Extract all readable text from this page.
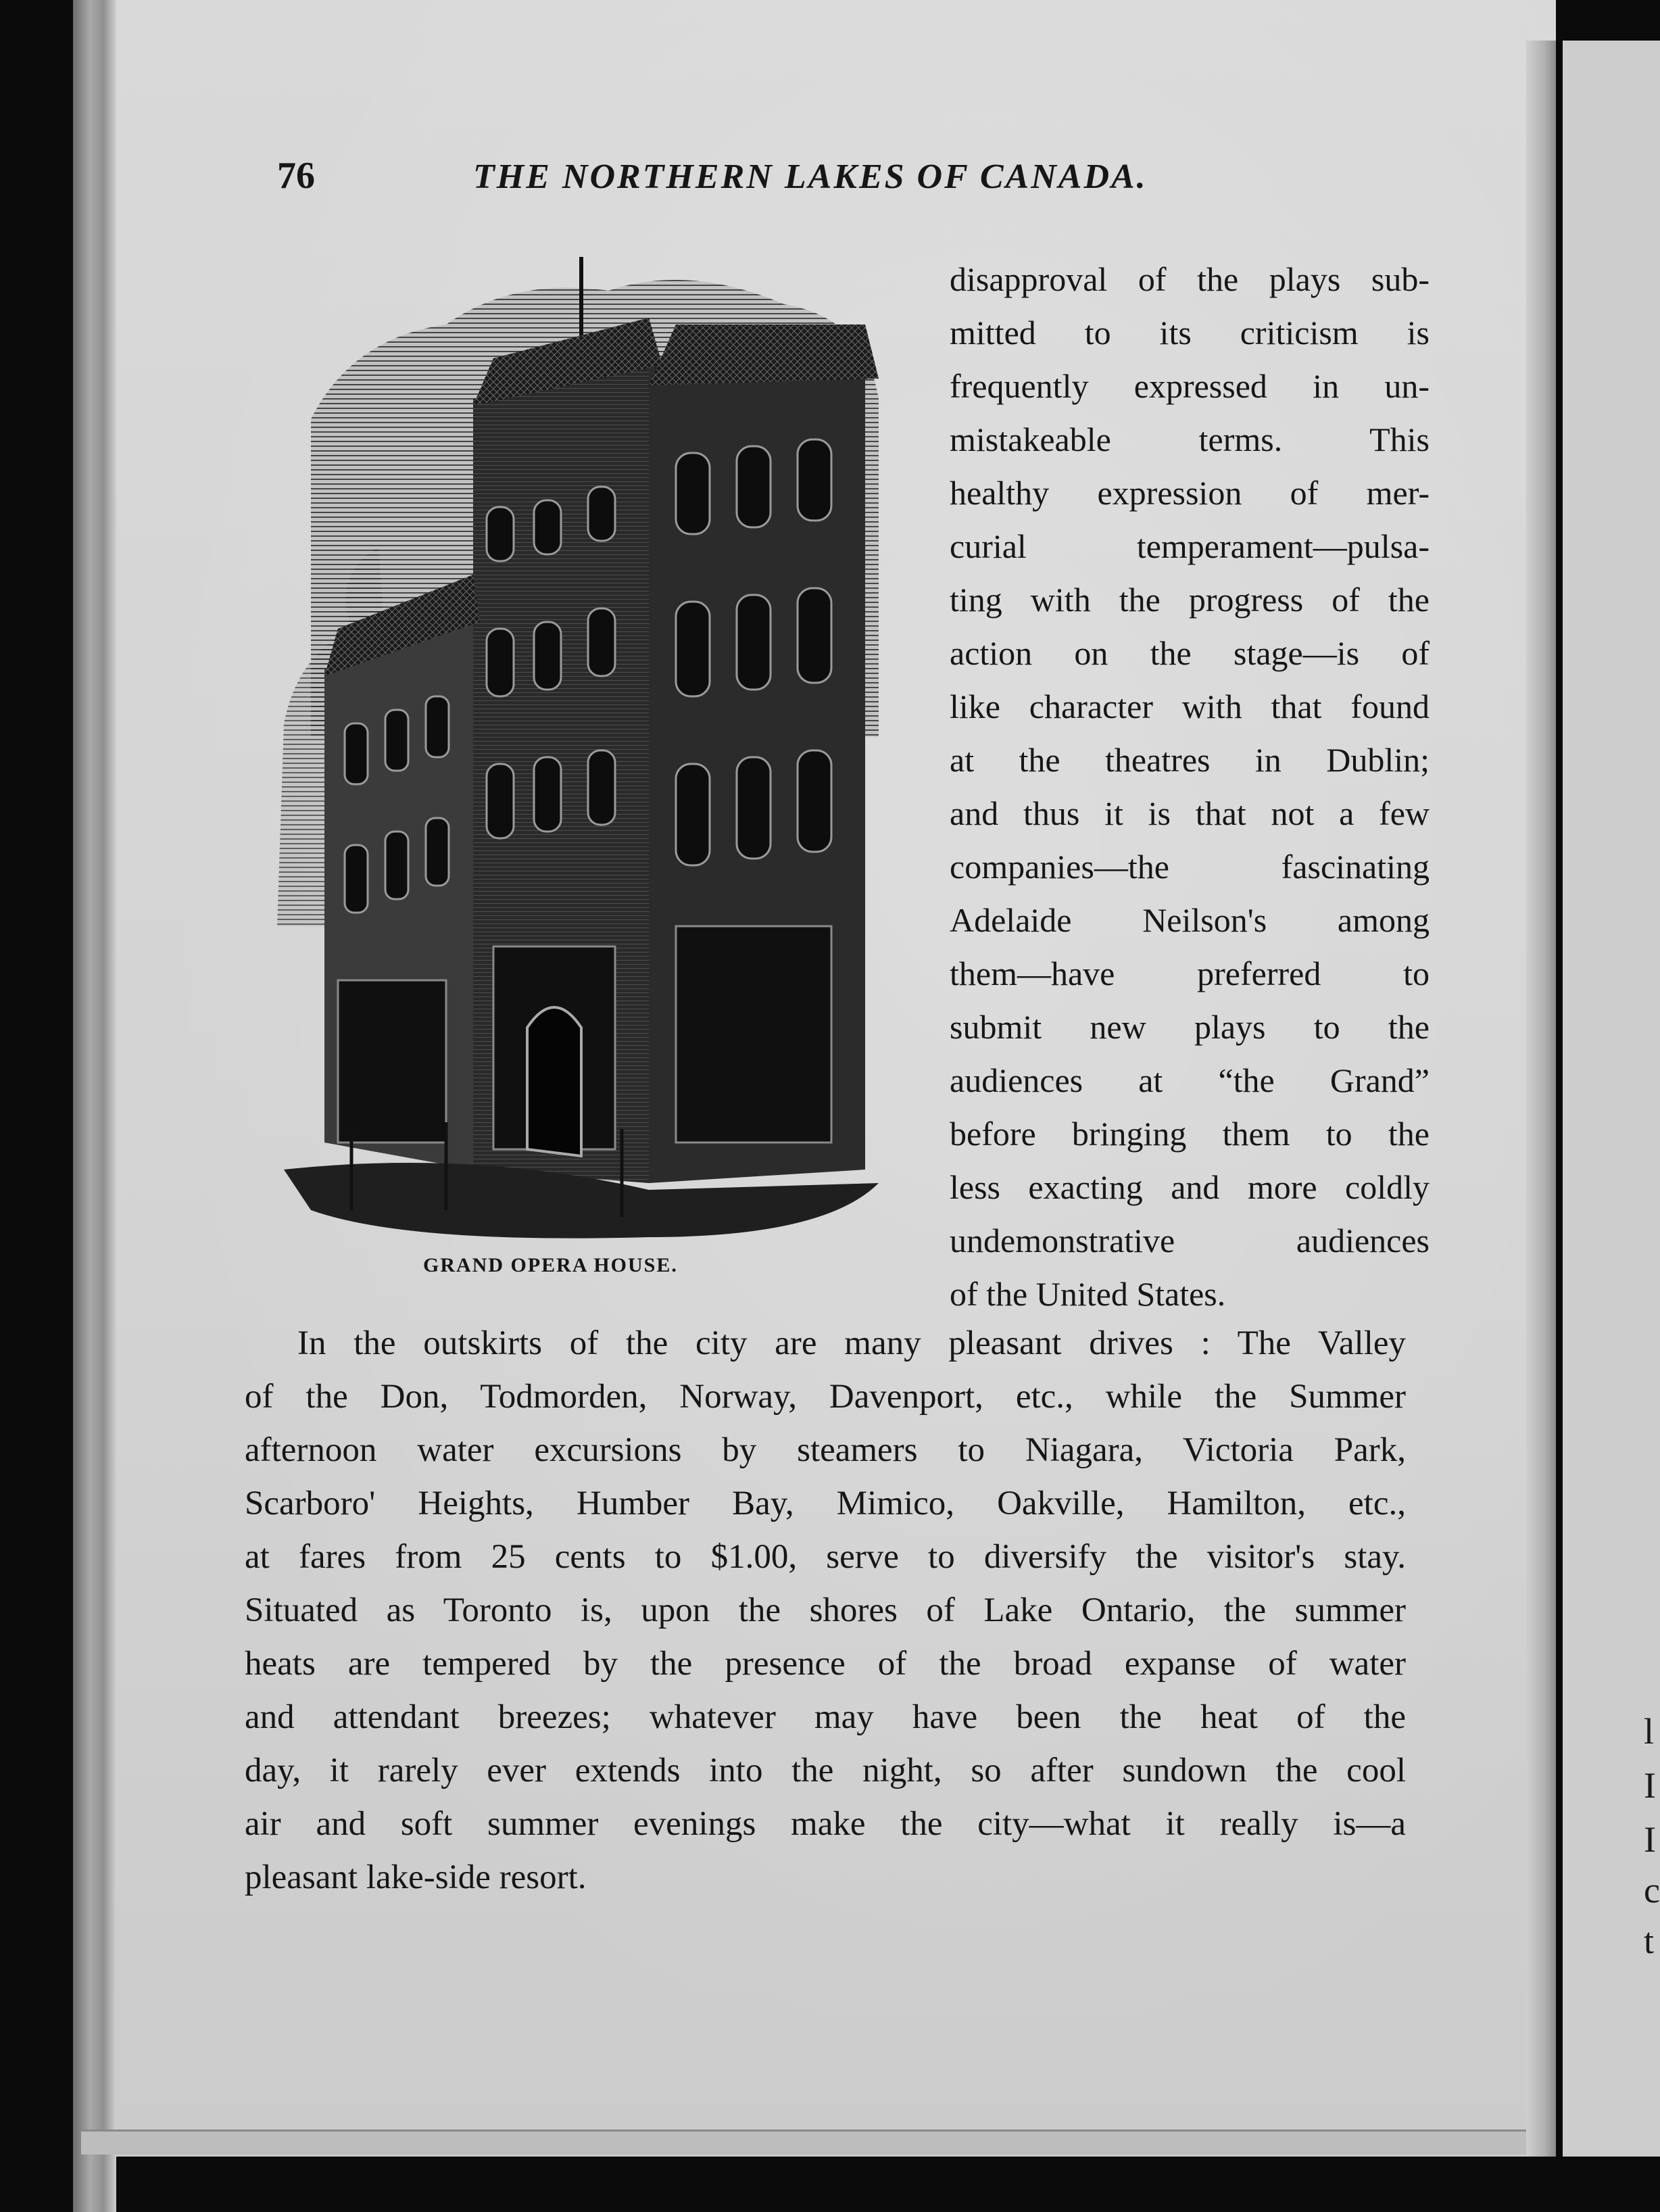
l
I
I
c
t
76	THE NORTHERN LAKES OF CANADA.
GRAND OPERA HOUSE.
disapproval of the plays sub-
mitted to its criticism is
frequently expressed in un-
mistakeable terms. This
healthy expression of mer-
curial temperament—pulsa-
ting with the progress of the
action on the stage—is of
like character with that found
at the theatres in Dublin;
and thus it is that not a few
companies—the fascinating
Adelaide Neilson's among
them—have preferred to
submit new plays to the
audiences at “the Grand”
before bringing them to the
less exacting and more coldly
undemonstrative audiences
of the United States.
In the outskirts of the city are many pleasant drives : The Valley
of the Don, Todmorden, Norway, Davenport, etc., while the Summer
afternoon water excursions by steamers to Niagara, Victoria Park,
Scarboro' Heights, Humber Bay, Mimico, Oakville, Hamilton, etc.,
at fares from 25 cents to $1.00, serve to diversify the visitor's stay.
Situated as Toronto is, upon the shores of Lake Ontario, the summer
heats are tempered by the presence of the broad expanse of water
and attendant breezes; whatever may have been the heat of the
day, it rarely ever extends into the night, so after sundown the cool
air and soft summer evenings make the city—what it really is—a
pleasant lake-side resort.
